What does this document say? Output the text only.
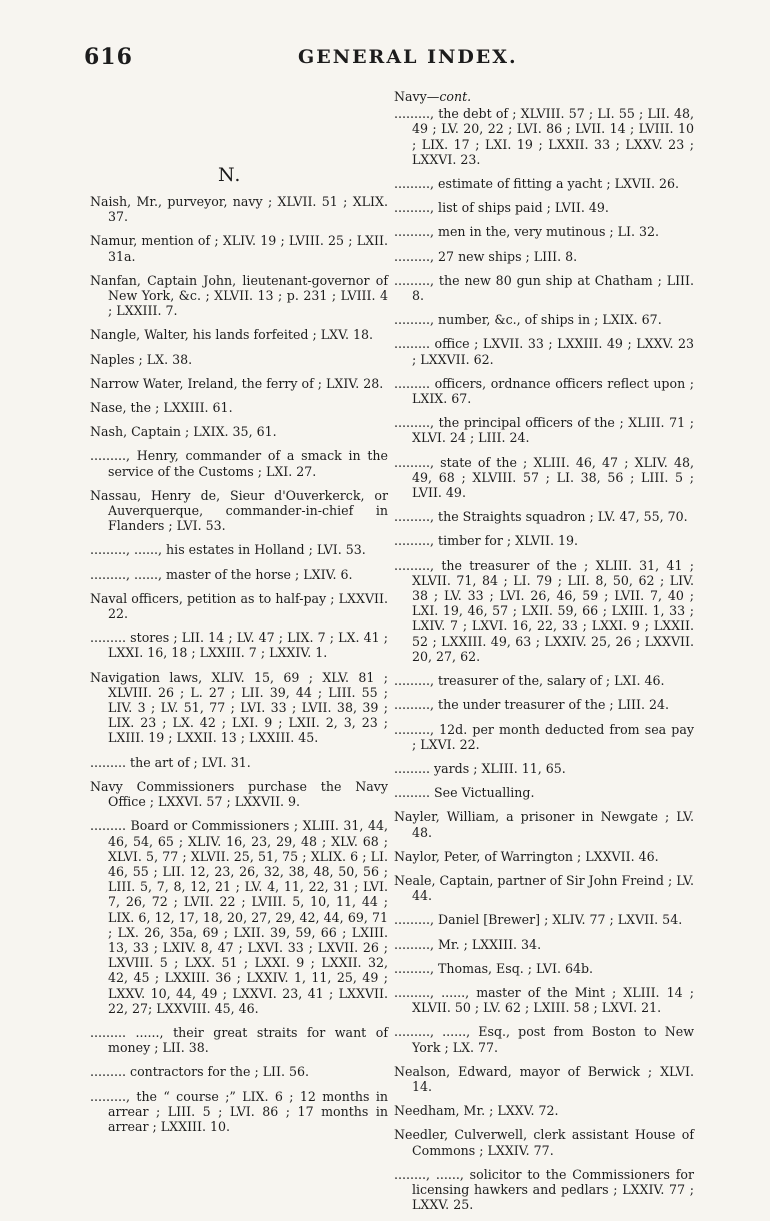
616	GENERAL INDEX.
N.

Naish, Mr., purveyor, navy ; XLVII. 51 ; XLIX. 37.

Namur, mention of ; XLIV. 19 ; LVIII. 25 ; LXII. 31a.

Nanfan, Captain John, lieutenant-governor of New York, &c. ; XLVII. 13 ; p. 231 ; LVIII. 4 ; LXXIII. 7.

Nangle, Walter, his lands forfeited ; LXV. 18.

Naples ; LX. 38.

Narrow Water, Ireland, the ferry of ; LXIV. 28.

Nase, the ; LXXIII. 61.

Nash, Captain ; LXIX. 35, 61.

........., Henry, commander of a smack in the service of the Customs ; LXI. 27.

Nassau, Henry de, Sieur d'Ouverkerck, or Auverquerque, commander-in-chief in Flanders ; LVI. 53.

........., ......, his estates in Holland ; LVI. 53.

........., ......, master of the horse ; LXIV. 6.

Naval officers, petition as to half-pay ; LXXVII. 22.

......... stores ; LII. 14 ; LV. 47 ; LIX. 7 ; LX. 41 ; LXXI. 16, 18 ; LXXIII. 7 ; LXXIV. 1.

Navigation laws, XLIV. 15, 69 ; XLV. 81 ; XLVIII. 26 ; L. 27 ; LII. 39, 44 ; LIII. 55 ; LIV. 3 ; LV. 51, 77 ; LVI. 33 ; LVII. 38, 39 ; LIX. 23 ; LX. 42 ; LXI. 9 ; LXII. 2, 3, 23 ; LXIII. 19 ; LXXII. 13 ; LXXIII. 45.

......... the art of ; LVI. 31.

Navy Commissioners purchase the Navy Office ; LXXVI. 57 ; LXXVII. 9.

......... Board or Commissioners ; XLIII. 31, 44, 46, 54, 65 ; XLIV. 16, 23, 29, 48 ; XLV. 68 ; XLVI. 5, 77 ; XLVII. 25, 51, 75 ; XLIX. 6 ; LI. 46, 55 ; LII. 12, 23, 26, 32, 38, 48, 50, 56 ; LIII. 5, 7, 8, 12, 21 ; LV. 4, 11, 22, 31 ; LVI. 7, 26, 72 ; LVII. 22 ; LVIII. 5, 10, 11, 44 ; LIX. 6, 12, 17, 18, 20, 27, 29, 42, 44, 69, 71 ; LX. 26, 35a, 69 ; LXII. 39, 59, 66 ; LXIII. 13, 33 ; LXIV. 8, 47 ; LXVI. 33 ; LXVII. 26 ; LXVIII. 5 ; LXX. 51 ; LXXI. 9 ; LXXII. 32, 42, 45 ; LXXIII. 36 ; LXXIV. 1, 11, 25, 49 ; LXXV. 10, 44, 49 ; LXXVI. 23, 41 ; LXXVII. 22, 27; LXXVIII. 45, 46.

......... ......, their great straits for want of money ; LII. 38.

......... contractors for the ; LII. 56.

........., the “ course ;” LIX. 6 ; 12 months in arrear ; LIII. 5 ; LVI. 86 ; 17 months in arrear ; LXXIII. 10.

Navy—cont.

........., the debt of ; XLVIII. 57 ; LI. 55 ; LII. 48, 49 ; LV. 20, 22 ; LVI. 86 ; LVII. 14 ; LVIII. 10 ; LIX. 17 ; LXI. 19 ; LXXII. 33 ; LXXV. 23 ; LXXVI. 23.

........., estimate of fitting a yacht ; LXVII. 26.

........., list of ships paid ; LVII. 49.

........., men in the, very mutinous ; LI. 32.

........., 27 new ships ; LIII. 8.

........., the new 80 gun ship at Chatham ; LIII. 8.

........., number, &c., of ships in ; LXIX. 67.

......... office ; LXVII. 33 ; LXXIII. 49 ; LXXV. 23 ; LXXVII. 62.

......... officers, ordnance officers reflect upon ; LXIX. 67.

........., the principal officers of the ; XLIII. 71 ; XLVI. 24 ; LIII. 24.

........., state of the ; XLIII. 46, 47 ; XLIV. 48, 49, 68 ; XLVIII. 57 ; LI. 38, 56 ; LIII. 5 ; LVII. 49.

........., the Straights squadron ; LV. 47, 55, 70.

........., timber for ; XLVII. 19.

........., the treasurer of the ; XLIII. 31, 41 ; XLVII. 71, 84 ; LI. 79 ; LII. 8, 50, 62 ; LIV. 38 ; LV. 33 ; LVI. 26, 46, 59 ; LVII. 7, 40 ; LXI. 19, 46, 57 ; LXII. 59, 66 ; LXIII. 1, 33 ; LXIV. 7 ; LXVI. 16, 22, 33 ; LXXI. 9 ; LXXII. 52 ; LXXIII. 49, 63 ; LXXIV. 25, 26 ; LXXVII. 20, 27, 62.

........., treasurer of the, salary of ; LXI. 46.

........., the under treasurer of the ; LIII. 24.

........., 12d. per month deducted from sea pay ; LXVI. 22.

......... yards ; XLIII. 11, 65.

......... See Victualling.

Nayler, William, a prisoner in Newgate ; LV. 48.

Naylor, Peter, of Warrington ; LXXVII. 46.

Neale, Captain, partner of Sir John Freind ; LV. 44.

........., Daniel [Brewer] ; XLIV. 77 ; LXVII. 54.

........., Mr. ; LXXIII. 34.

........., Thomas, Esq. ; LVI. 64b.

........., ......, master of the Mint ; XLIII. 14 ; XLVII. 50 ; LV. 62 ; LXIII. 58 ; LXVI. 21.

........., ......, Esq., post from Boston to New York ; LX. 77.

Nealson, Edward, mayor of Berwick ; XLVI. 14.

Needham, Mr. ; LXXV. 72.

Needler, Culverwell, clerk assistant House of Commons ; LXXIV. 77.

........, ......, solicitor to the Commissioners for licensing hawkers and pedlars ; LXXIV. 77 ; LXXV. 25.
